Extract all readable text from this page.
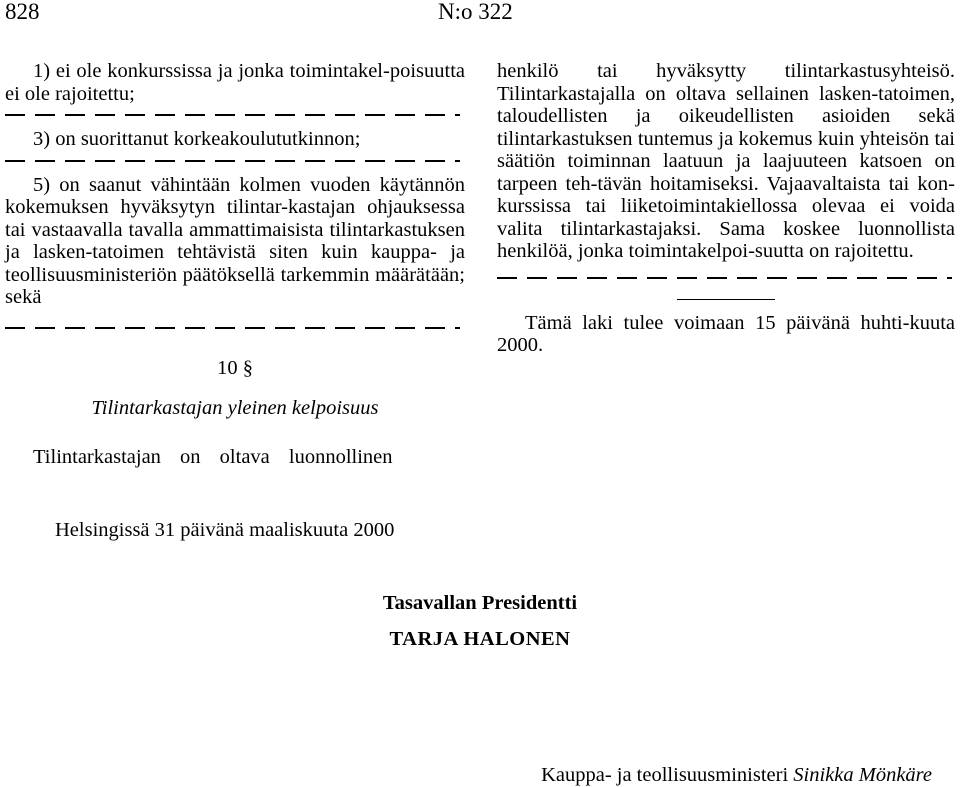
828	N:o 322
1) ei ole konkurssissa ja jonka toimintakel-poisuutta ei ole rajoitettu;
3) on suorittanut korkeakoulututkinnon;
5) on saanut vähintään kolmen vuoden käytännön kokemuksen hyväksytyn tilintar-kastajan ohjauksessa tai vastaavalla tavalla ammattimaisista tilintarkastuksen ja lasken-tatoimen tehtävistä siten kuin kauppa- ja teollisuusministeriön päätöksellä tarkemmin määrätään; sekä
10 §
Tilintarkastajan yleinen kelpoisuus
Tilintarkastajan on oltava luonnollinen
henkilö tai hyväksytty tilintarkastusyhteisö. Tilintarkastajalla on oltava sellainen lasken-tatoimen, taloudellisten ja oikeudellisten asioiden sekä tilintarkastuksen tuntemus ja kokemus kuin yhteisön tai säätiön toiminnan laatuun ja laajuuteen katsoen on tarpeen teh-tävän hoitamiseksi. Vajaavaltaista tai kon-kurssissa tai liiketoimintakiellossa olevaa ei voida valita tilintarkastajaksi. Sama koskee luonnollista henkilöä, jonka toimintakelpoi-suutta on rajoitettu.
Tämä laki tulee voimaan 15 päivänä huhti-kuuta 2000.
Helsingissä 31 päivänä maaliskuuta 2000
Tasavallan Presidentti
TARJA HALONEN
Kauppa- ja teollisuusministeri Sinikka Mönkäre
